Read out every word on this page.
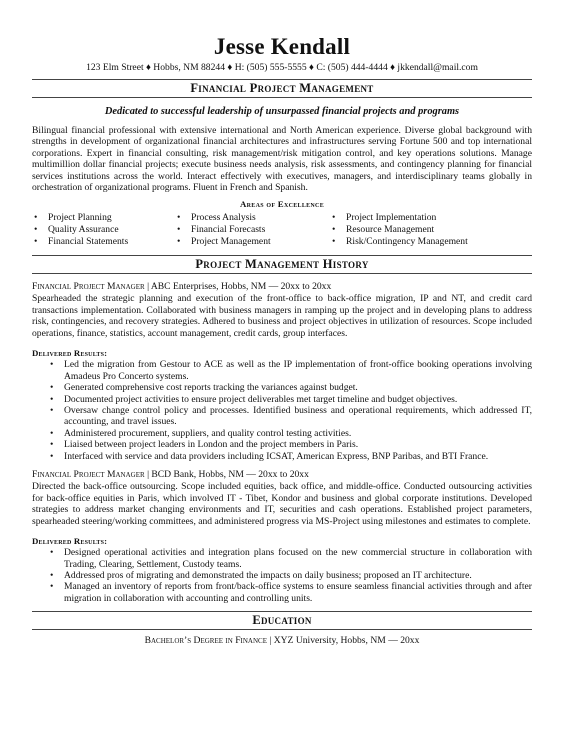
Jesse Kendall
123 Elm Street ♦ Hobbs, NM 88244 ♦ H: (505) 555-5555 ♦ C: (505) 444-4444 ♦ jkkendall@mail.com
Financial Project Management
Dedicated to successful leadership of unsurpassed financial projects and programs
Bilingual financial professional with extensive international and North American experience. Diverse global background with strengths in development of organizational financial architectures and infrastructures serving Fortune 500 and top international corporations. Expert in financial consulting, risk management/risk mitigation control, and key operations solutions. Manage multimillion dollar financial projects; execute business needs analysis, risk assessments, and contingency planning for financial services institutions across the world. Interact effectively with executives, managers, and interdisciplinary teams globally in orchestration of organizational programs. Fluent in French and Spanish.
Areas of Excellence
• Project Planning
• Quality Assurance
• Financial Statements
• Process Analysis
• Financial Forecasts
• Project Management
• Project Implementation
• Resource Management
• Risk/Contingency Management
Project Management History
Financial Project Manager | ABC Enterprises, Hobbs, NM — 20xx to 20xx
Spearheaded the strategic planning and execution of the front-office to back-office migration, IP and NT, and credit card transactions implementation. Collaborated with business managers in ramping up the project and in developing plans to address risk, contingencies, and recovery strategies. Adhered to business and project objectives in utilization of resources. Scope included operations, finance, statistics, account management, credit cards, group interfaces.
Delivered Results:
• Led the migration from Gestour to ACE as well as the IP implementation of front-office booking operations involving Amadeus Pro Concerto systems.
• Generated comprehensive cost reports tracking the variances against budget.
• Documented project activities to ensure project deliverables met target timeline and budget objectives.
• Oversaw change control policy and processes. Identified business and operational requirements, which addressed IT, accounting, and travel issues.
• Administered procurement, suppliers, and quality control testing activities.
• Liaised between project leaders in London and the project members in Paris.
• Interfaced with service and data providers including ICSAT, American Express, BNP Paribas, and BTI France.
Financial Project Manager | BCD Bank, Hobbs, NM — 20xx to 20xx
Directed the back-office outsourcing. Scope included equities, back office, and middle-office. Conducted outsourcing activities for back-office equities in Paris, which involved IT - Tibet, Kondor and business and global corporate institutions. Developed strategies to address market changing environments and IT, securities and cash operations. Established project parameters, spearheaded steering/working committees, and administered progress via MS-Project using milestones and estimates to complete.
Delivered Results:
• Designed operational activities and integration plans focused on the new commercial structure in collaboration with Trading, Clearing, Settlement, Custody teams.
• Addressed pros of migrating and demonstrated the impacts on daily business; proposed an IT architecture.
• Managed an inventory of reports from front/back-office systems to ensure seamless financial activities through and after migration in collaboration with accounting and controlling units.
Education
Bachelor’s Degree in Finance | XYZ University, Hobbs, NM — 20xx
